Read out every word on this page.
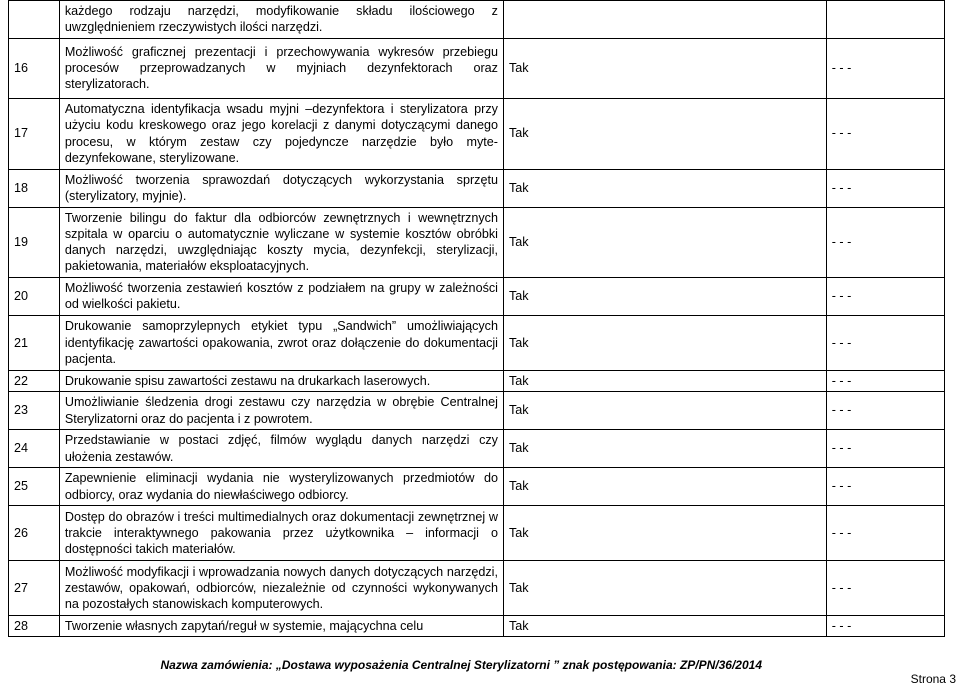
	każdego rodzaju narzędzi, modyfikowanie składu ilościowego z uwzględnieniem rzeczywistych ilości narzędzi.		
16	Możliwość graficznej prezentacji i przechowywania wykresów przebiegu procesów przeprowadzanych w myjniach dezynfektorach oraz sterylizatorach.	Tak	- - -
17	Automatyczna identyfikacja wsadu myjni –dezynfektora i sterylizatora przy użyciu kodu kreskowego oraz jego korelacji z danymi dotyczącymi danego procesu, w którym zestaw czy pojedyncze narzędzie było myte-dezynfekowane, sterylizowane.	Tak	- - -
18	Możliwość tworzenia sprawozdań dotyczących wykorzystania sprzętu (sterylizatory, myjnie).	Tak	- - -
19	Tworzenie bilingu do faktur dla odbiorców zewnętrznych i wewnętrznych szpitala w oparciu o automatycznie wyliczane w systemie kosztów obróbki danych narzędzi, uwzględniając koszty mycia, dezynfekcji, sterylizacji, pakietowania, materiałów eksploatacyjnych.	Tak	- - -
20	Możliwość tworzenia zestawień kosztów z podziałem na grupy w zależności od wielkości pakietu.	Tak	- - -
21	Drukowanie samoprzylepnych etykiet typu „Sandwich” umożliwiających identyfikację zawartości opakowania, zwrot oraz dołączenie do dokumentacji pacjenta.	Tak	- - -
22	Drukowanie spisu zawartości zestawu na drukarkach laserowych.	Tak	- - -
23	Umożliwianie śledzenia drogi zestawu czy narzędzia w obrębie Centralnej Sterylizatorni oraz do pacjenta i z powrotem.	Tak	- - -
24	Przedstawianie w postaci zdjęć, filmów wyglądu danych narzędzi czy ułożenia zestawów.	Tak	- - -
25	Zapewnienie eliminacji wydania nie wysterylizowanych przedmiotów do odbiorcy, oraz wydania do niewłaściwego odbiorcy.	Tak	- - -
26	Dostęp do obrazów i treści multimedialnych oraz dokumentacji zewnętrznej w trakcie interaktywnego pakowania przez użytkownika – informacji o dostępności takich materiałów.	Tak	- - -
27	Możliwość modyfikacji i wprowadzania nowych danych dotyczących narzędzi, zestawów, opakowań, odbiorców, niezależnie od czynności wykonywanych na pozostałych stanowiskach komputerowych.	Tak	- - -
28	Tworzenie własnych zapytań/reguł w systemie, mającychna celu	Tak	- - -
Nazwa zamówienia: „Dostawa wyposażenia Centralnej Sterylizatorni ” znak postępowania: ZP/PN/36/2014
Strona 3
